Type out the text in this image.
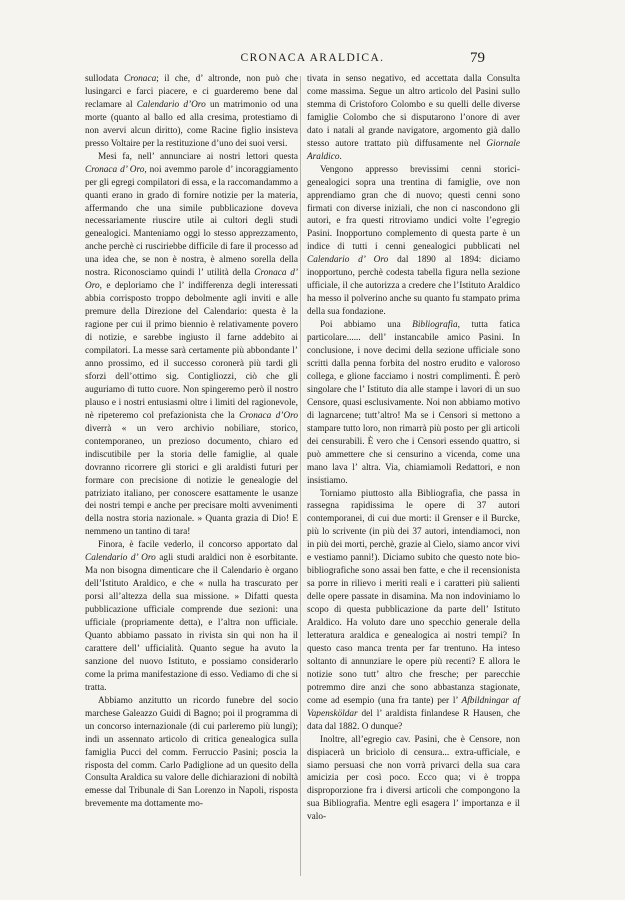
CRONACA ARALDICA.	79

sullodata Cronaca; il che, d’ altronde, non può che lusingarci e farci piacere, e ci guarderemo bene dal reclamare al Calendario d’Oro un matrimonio od una morte (quanto al ballo ed alla cresima, protestiamo di non avervi alcun diritto), come Racine figlio insisteva presso Voltaire per la restituzione d’uno dei suoi versi.

Mesi fa, nell’ annunciare ai nostri lettori questa Cronaca d’ Oro, noi avemmo parole d’ incoraggiamento per gli egregi compilatori di essa, e la raccomandammo a quanti erano in grado di fornire notizie per la materia, affermando che una simile pubblicazione doveva necessariamente riuscire utile ai cultori degli studi genealogici. Manteniamo oggi lo stesso apprezzamento, anche perchè ci rusciriebbe difficile di fare il processo ad una idea che, se non è nostra, è almeno sorella della nostra. Riconosciamo quindi l’ utilità della Cronaca d’ Oro, e deploriamo che l’ indifferenza degli interessati abbia corrisposto troppo debolmente agli inviti e alle premure della Direzione del Calendario: questa è la ragione per cui il primo biennio è relativamente povero di notizie, e sarebbe ingiusto il farne addebito ai compilatori. La messe sarà certamente più abbondante l’ anno prossimo, ed il successo coronerà più tardi gli sforzi dell’ottimo sig. Contigliozzi, ciò che gli auguriamo di tutto cuore. Non spingeremo però il nostro plauso e i nostri entusiasmi oltre i limiti del ragionevole, nè ripeteremo col prefazionista che la Cronaca d’Oro diverrà « un vero archivio nobiliare, storico, contemporaneo, un prezioso documento, chiaro ed indiscutibile per la storia delle famiglie, al quale dovranno ricorrere gli storici e gli araldisti futuri per formare con precisione di notizie le genealogie del patriziato italiano, per conoscere esattamente le usanze dei nostri tempi e anche per precisare molti avvenimenti della nostra storia nazionale. » Quanta grazia di Dio! E nemmeno un tantino di tara!

Finora, è facile vederlo, il concorso apportato dal Calendario d’ Oro agli studi araldici non è esorbitante. Ma non bisogna dimenticare che il Calendario è organo dell’Istituto Araldico, e che « nulla ha trascurato per porsi all’altezza della sua missione. » Difatti questa pubblicazione ufficiale comprende due sezioni: una ufficiale (propriamente detta), e l’altra non ufficiale. Quanto abbiamo passato in rivista sin qui non ha il carattere dell’ ufficialità. Quanto segue ha avuto la sanzione del nuovo Istituto, e possiamo considerarlo come la prima manifestazione di esso. Vediamo di che si tratta.

Abbiamo anzitutto un ricordo funebre del socio marchese Galeazzo Guidi di Bagno; poi il programma di un concorso internazionale (di cui parleremo più lungi); indi un assennato articolo di critica genealogica sulla famiglia Pucci del comm. Ferruccio Pasini; poscia la risposta del comm. Carlo Padiglione ad un quesito della Consulta Araldica su valore delle dichiarazioni di nobiltà emesse dal Tribunale di San Lorenzo in Napoli, risposta brevemente ma dottamente mo-

tivata in senso negativo, ed accettata dalla Consulta come massima. Segue un altro articolo del Pasini sullo stemma di Cristoforo Colombo e su quelli delle diverse famiglie Colombo che si disputarono l’onore di aver dato i natali al grande navigatore, argomento già dallo stesso autore trattato più diffusamente nel Giornale Araldico.

Vengono appresso brevissimi cenni storici-genealogici sopra una trentina di famiglie, ove non apprendiamo gran che di nuovo; questi cenni sono firmati con diverse iniziali, che non ci nascondono gli autori, e fra questi ritroviamo undici volte l’egregio Pasini. Inopportuno complemento di questa parte è un indice di tutti i cenni genealogici pubblicati nel Calendario d’ Oro dal 1890 al 1894: diciamo inopportuno, perchè codesta tabella figura nella sezione ufficiale, il che autorizza a credere che l’Istituto Araldico ha messo il polverino anche su quanto fu stampato prima della sua fondazione.

Poi abbiamo una Bibliografia, tutta fatica particolare...... dell’ instancabile amico Pasini. In conclusione, i nove decimi della sezione ufficiale sono scritti dalla penna forbita del nostro erudito e valoroso collega, e glione facciamo i nostri complimenti. È però singolare che l’ Istituto dia alle stampe i lavori di un suo Censore, quasi esclusivamente. Noi non abbiamo motivo di lagnarcene; tutt’altro! Ma se i Censori si mettono a stampare tutto loro, non rimarrà più posto per gli articoli dei censurabili. È vero che i Censori essendo quattro, si può ammettere che si censurino a vicenda, come una mano lava l’ altra. Via, chiamiamoli Redattori, e non insistiamo.

Torniamo piuttosto alla Bibliografia, che passa in rassegna rapidissima le opere di 37 autori contemporanei, di cui due morti: il Grenser e il Burcke, più lo scrivente (in più dei 37 autori, intendiamoci, non in più dei morti, perchè, grazie al Cielo, siamo ancor vivi e vestiamo panni!). Diciamo subito che questo note bio-bibliografiche sono assai ben fatte, e che il recensionista sa porre in rilievo i meriti reali e i caratteri più salienti delle opere passate in disamina. Ma non indoviniamo lo scopo di questa pubblicazione da parte dell’ Istituto Araldico. Ha voluto dare uno specchio generale della letteratura araldica e genealogica ai nostri tempi? In questo caso manca trenta per far trentuno. Ha inteso soltanto di annunziare le opere più recenti? E allora le notizie sono tutt’ altro che fresche; per parecchie potremmo dire anzi che sono abbastanza stagionate, come ad esempio (una fra tante) per l’ Afbildningar af Vapensköldar del l’ araldista finlandese R Hausen, che data dal 1882. O dunque?

Inoltre, all’egregio cav. Pasini, che è Censore, non dispiacerà un briciolo di censura... extra-ufficiale, e siamo persuasi che non vorrà privarci della sua cara amicizia per così poco. Ecco qua; vi è troppa disproporzione fra i diversi articoli che compongono la sua Bibliografia. Mentre egli esagera l’ importanza e il valo-
